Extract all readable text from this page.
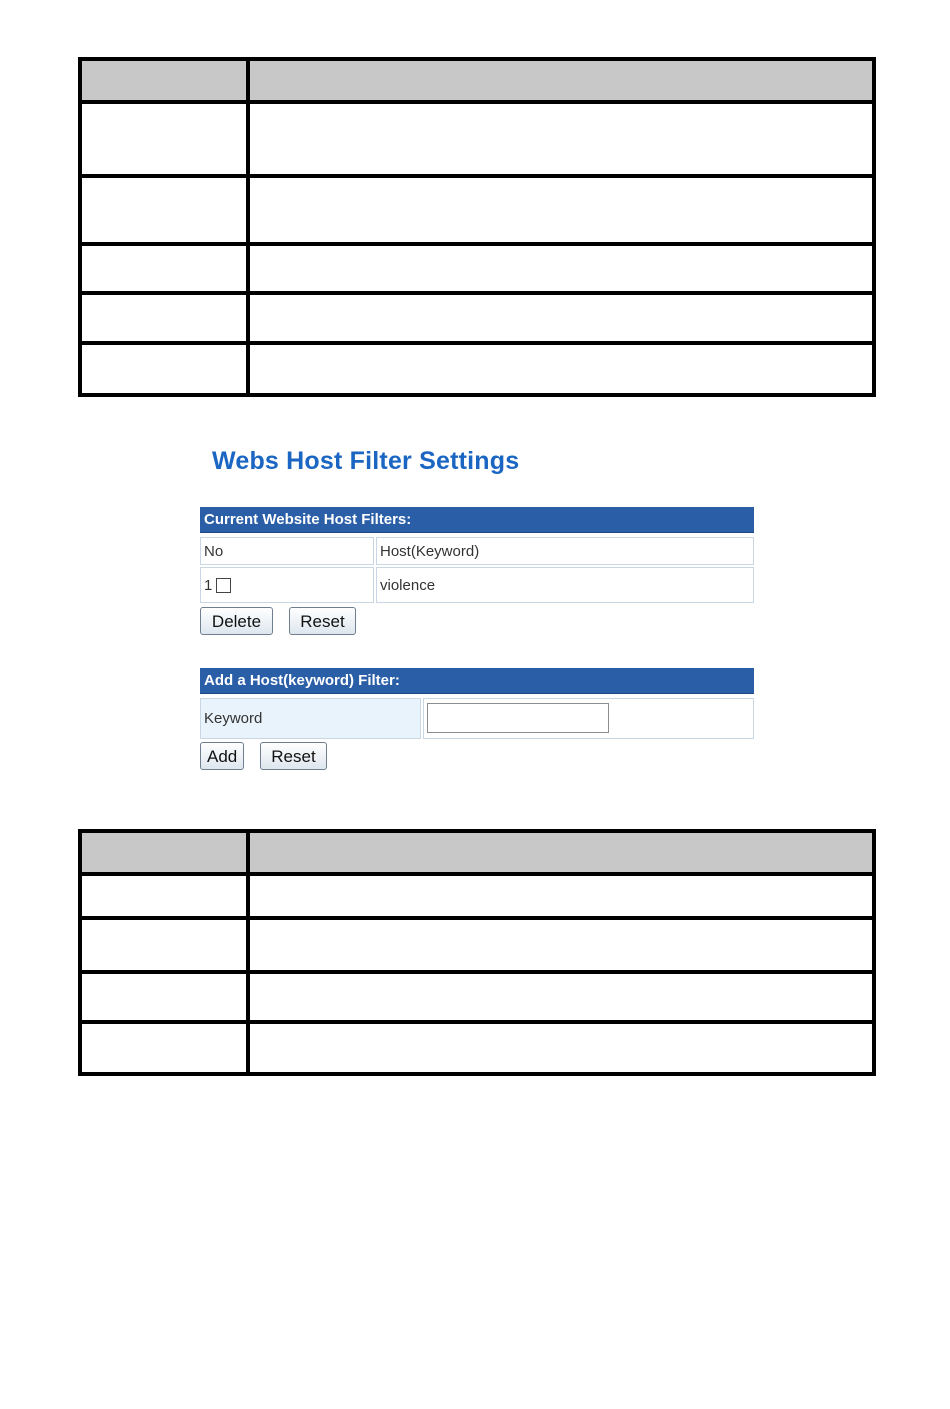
Webs Host Filter Settings
Current Website Host Filters:
No	Host(Keyword)
1	violence
Delete	Reset
Add a Host(keyword) Filter:
Keyword
Add	Reset
